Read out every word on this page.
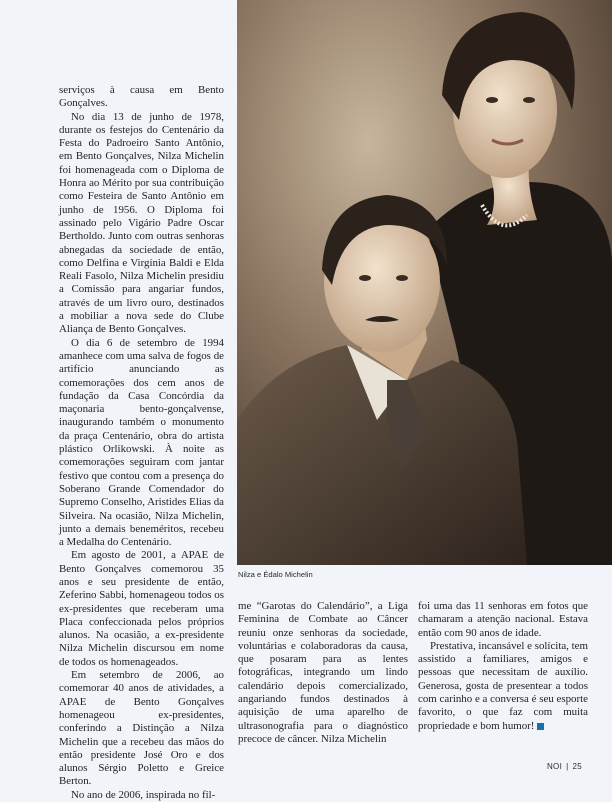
serviços à causa em Bento Gonçalves.

No dia 13 de junho de 1978, durante os festejos do Centenário da Festa do Padroeiro Santo Antônio, em Bento Gonçalves, Nilza Michelin foi homenageada com o Diploma de Honra ao Mérito por sua contribuição como Festeira de Santo Antônio em junho de 1956. O Diploma foi assinado pelo Vigário Padre Oscar Bertholdo. Junto com outras senhoras abnegadas da sociedade de então, como Delfina e Virgínia Baldi e Elda Reali Fasolo, Nilza Michelin presidiu a Comissão para angariar fundos, através de um livro ouro, destinados a mobiliar a nova sede do Clube Aliança de Bento Gonçalves.

O dia 6 de setembro de 1994 amanhece com uma salva de fogos de artifício anunciando as comemorações dos cem anos de fundação da Casa Concórdia da maçonaria bento-gonçalvense, inaugurando também o monumento da praça Centenário, obra do artista plástico Orlikowski. À noite as comemorações seguiram com jantar festivo que contou com a presença do Soberano Grande Comendador do Supremo Conselho, Aristides Elias da Silveira. Na ocasião, Nilza Michelin, junto a demais beneméritos, recebeu a Medalha do Centenário.

Em agosto de 2001, a APAE de Bento Gonçalves comemorou 35 anos e seu presidente de então, Zeferino Sabbi, homenageou todos os ex-presidentes que receberam uma Placa confeccionada pelos próprios alunos. Na ocasião, a ex-presidente Nilza Michelin discursou em nome de todos os homenageados.

Em setembro de 2006, ao comemorar 40 anos de atividades, a APAE de Bento Gonçalves homenageou ex-presidentes, conferindo a Distinção a Nilza Michelin que a recebeu das mãos do então presidente José Oro e dos alunos Sérgio Poletto e Greice Berton.

No ano de 2006, inspirada no fil-

Nilza e Édalo Michelin

me “Garotas do Calendário”, a Liga Feminina de Combate ao Câncer reuniu onze senhoras da sociedade, voluntárias e colaboradoras da causa, que posaram para as lentes fotográficas, integrando um lindo calendário depois comercializado, angariando fundos destinados à aquisição de uma aparelho de ultrasonografia para o diagnóstico precoce de câncer. Nilza Michelin

foi uma das 11 senhoras em fotos que chamaram a atenção nacional. Estava então com 90 anos de idade.

Prestativa, incansável e solícita, tem assistido a familiares, amigos e pessoas que necessitam de auxílio. Generosa, gosta de presentear a todos com carinho e a conversa é seu esporte favorito, o que faz com muita propriedade e bom humor!

NOI | 25
